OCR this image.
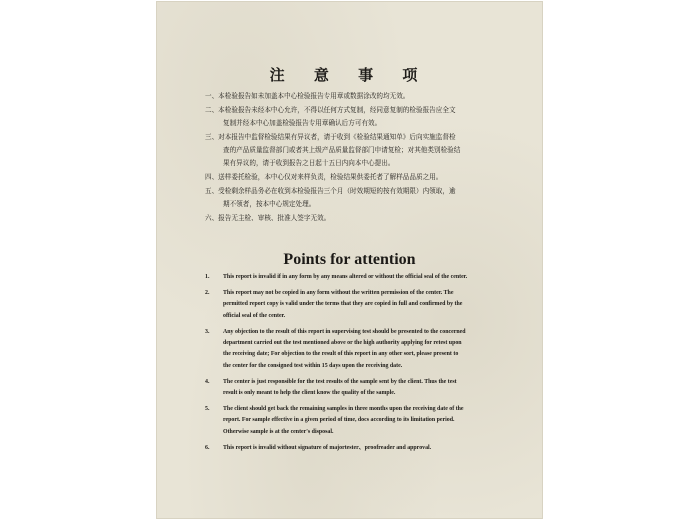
注 意 事 项
一、本检验报告如未加盖本中心检验报告专用章或数据涂改的均无效。
二、本检验报告未经本中心允许，不得以任何方式复制，经同意复制的检验报告应全文
复制并经本中心加盖检验报告专用章确认后方可有效。
三、对本报告中监督检验结果有异议者，请于收到《检验结果通知单》后向实施监督检
查的产品质量监督部门或者其上级产品质量监督部门申请复检；对其他类别检验结
果有异议的，请于收到报告之日起十五日内向本中心提出。
四、送样委托检验，本中心仅对来样负责，检验结果供委托者了解样品品质之用。
五、受检剩余样品务必在收到本检验报告三个月（时效期短的按有效期限）内领取，逾
期不领者，按本中心规定处理。
六、报告无主检、审核、批准人签字无效。
Points for attention
1. This report is invalid if in any form by any means altered or without the official seal of the center.
2. This report may not be copied in any form without the written permission of the center. The
permitted report copy is valid under the terms that they are copied in full and confirmed by the
official seal of the center.
3. Any objection to the result of this report in supervising test should be presented to the concerned
department carried out the test mentioned above or the high authority applying for retest upon
the receiving date; For objection to the result of this report in any other sort, please present to
the center for the consigned test within 15 days upon the receiving date.
4. The center is just responsible for the test results of the sample sent by the client. Thus the test
result is only meant to help the client know the quality of the sample.
5. The client should get back the remaining samples in three months upon the receiving date of the
report. For sample effective in a given period of time, docs according to its limitation period.
Otherwise sample is at the center's disposal.
6. This report is invalid without signature of majortester、proofreader and approval.
